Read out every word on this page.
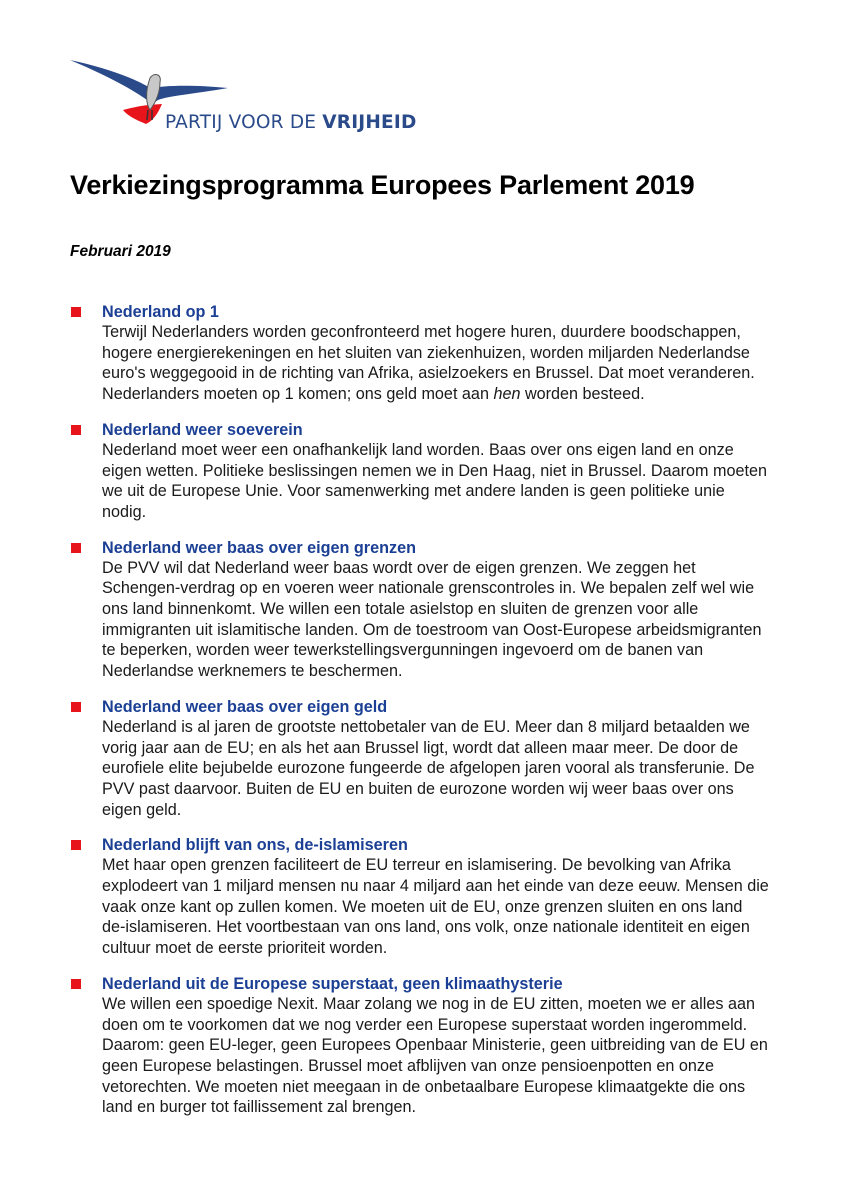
PARTIJ VOOR DE VRIJHEID
Verkiezingsprogramma Europees Parlement 2019
Februari 2019
Nederland op 1
Terwijl Nederlanders worden geconfronteerd met hogere huren, duurdere boodschappen, hogere energierekeningen en het sluiten van ziekenhuizen, worden miljarden Nederlandse euro's weggegooid in de richting van Afrika, asielzoekers en Brussel. Dat moet veranderen. Nederlanders moeten op 1 komen; ons geld moet aan hen worden besteed.
Nederland weer soeverein
Nederland moet weer een onafhankelijk land worden. Baas over ons eigen land en onze eigen wetten. Politieke beslissingen nemen we in Den Haag, niet in Brussel. Daarom moeten we uit de Europese Unie. Voor samenwerking met andere landen is geen politieke unie nodig.
Nederland weer baas over eigen grenzen
De PVV wil dat Nederland weer baas wordt over de eigen grenzen. We zeggen het Schengen-verdrag op en voeren weer nationale grenscontroles in. We bepalen zelf wel wie ons land binnenkomt. We willen een totale asielstop en sluiten de grenzen voor alle immigranten uit islamitische landen. Om de toestroom van Oost-Europese arbeidsmigranten te beperken, worden weer tewerkstellingsvergunningen ingevoerd om de banen van Nederlandse werknemers te beschermen.
Nederland weer baas over eigen geld
Nederland is al jaren de grootste nettobetaler van de EU. Meer dan 8 miljard betaalden we vorig jaar aan de EU; en als het aan Brussel ligt, wordt dat alleen maar meer. De door de eurofiele elite bejubelde eurozone fungeerde de afgelopen jaren vooral als transferunie. De PVV past daarvoor. Buiten de EU en buiten de eurozone worden wij weer baas over ons eigen geld.
Nederland blijft van ons, de-islamiseren
Met haar open grenzen faciliteert de EU terreur en islamisering. De bevolking van Afrika explodeert van 1 miljard mensen nu naar 4 miljard aan het einde van deze eeuw. Mensen die vaak onze kant op zullen komen. We moeten uit de EU, onze grenzen sluiten en ons land de-islamiseren. Het voortbestaan van ons land, ons volk, onze nationale identiteit en eigen cultuur moet de eerste prioriteit worden.
Nederland uit de Europese superstaat, geen klimaathysterie
We willen een spoedige Nexit. Maar zolang we nog in de EU zitten, moeten we er alles aan doen om te voorkomen dat we nog verder een Europese superstaat worden ingerommeld. Daarom: geen EU-leger, geen Europees Openbaar Ministerie, geen uitbreiding van de EU en geen Europese belastingen. Brussel moet afblijven van onze pensioenpotten en onze vetorechten. We moeten niet meegaan in de onbetaalbare Europese klimaatgekte die ons land en burger tot faillissement zal brengen.
